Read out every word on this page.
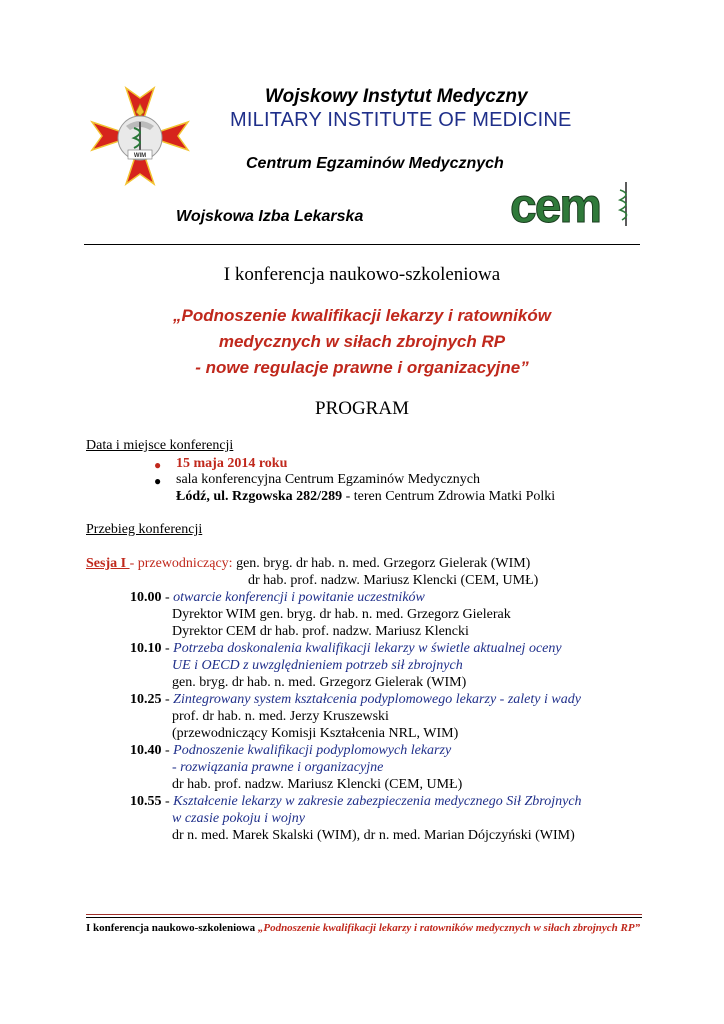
WIM
Wojskowy Instytut Medyczny
MILITARY INSTITUTE OF MEDICINE
Centrum Egzaminów Medycznych
Wojskowa Izba Lekarska	cem
I konferencja naukowo-szkoleniowa
„Podnoszenie kwalifikacji lekarzy i ratowników
medycznych w siłach zbrojnych RP
- nowe regulacje prawne i organizacyjne”
PROGRAM
Data i miejsce konferencji
● 15 maja 2014 roku
● sala konferencyjna Centrum Egzaminów Medycznych
Łódź, ul. Rzgowska 282/289 - teren Centrum Zdrowia Matki Polki
Przebieg konferencji
Sesja I - przewodniczący: gen. bryg. dr hab. n. med. Grzegorz Gielerak (WIM)
dr hab. prof. nadzw. Mariusz Klencki (CEM, UMŁ)
10.00 - otwarcie konferencji i powitanie uczestników
Dyrektor WIM gen. bryg. dr hab. n. med. Grzegorz Gielerak
Dyrektor CEM dr hab. prof. nadzw. Mariusz Klencki
10.10 - Potrzeba doskonalenia kwalifikacji lekarzy w świetle aktualnej oceny
UE i OECD z uwzględnieniem potrzeb sił zbrojnych
gen. bryg. dr hab. n. med. Grzegorz Gielerak (WIM)
10.25 - Zintegrowany system kształcenia podyplomowego lekarzy - zalety i wady
prof. dr hab. n. med. Jerzy Kruszewski
(przewodniczący Komisji Kształcenia NRL, WIM)
10.40 - Podnoszenie kwalifikacji podyplomowych lekarzy
- rozwiązania prawne i organizacyjne
dr hab. prof. nadzw. Mariusz Klencki (CEM, UMŁ)
10.55 - Kształcenie lekarzy w zakresie zabezpieczenia medycznego Sił Zbrojnych
w czasie pokoju i wojny
dr n. med. Marek Skalski (WIM), dr n. med. Marian Dójczyński (WIM)
I konferencja naukowo-szkoleniowa „Podnoszenie kwalifikacji lekarzy i ratowników medycznych w siłach zbrojnych RP”
